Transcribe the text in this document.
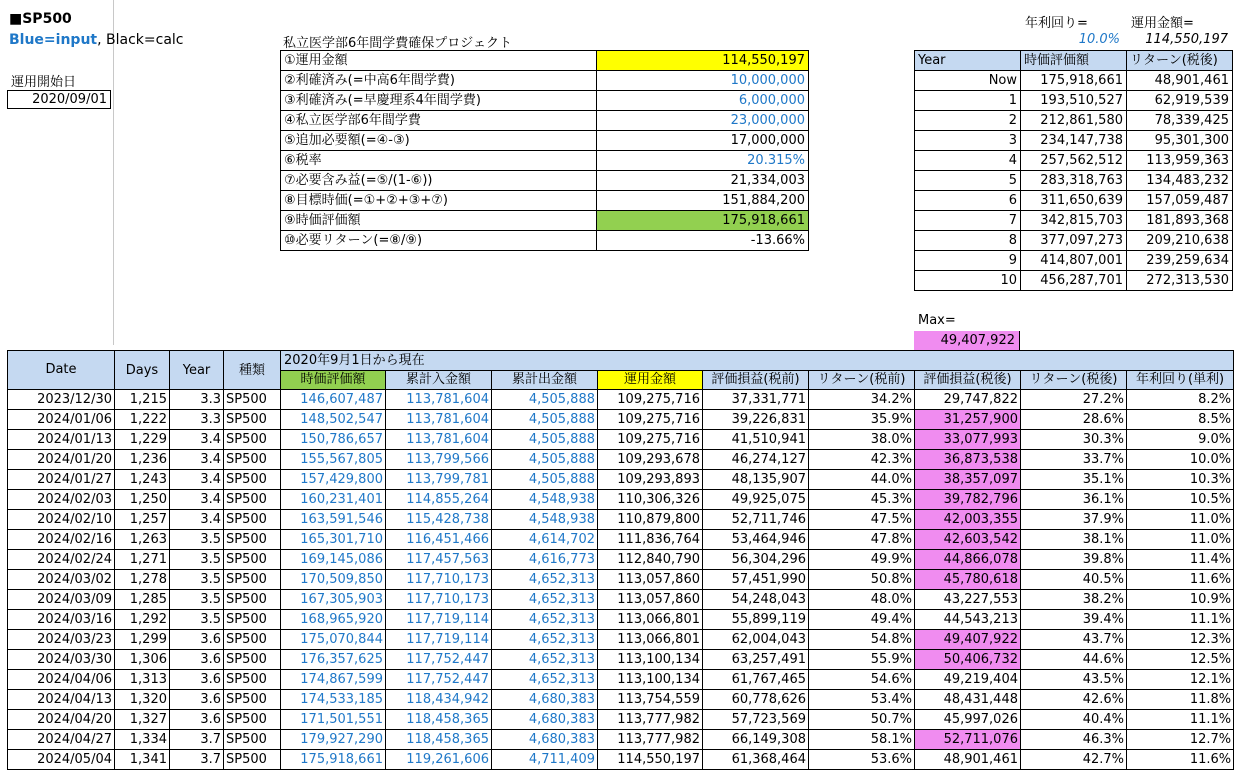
■SP500
Blue=input, Black=calc
運用開始日
2020/09/01
私立医学部6年間学費確保プロジェクト
①運用金額	114,550,197
②利確済み(=中高6年間学費)	10,000,000
③利確済み(=早慶理系4年間学費)	6,000,000
④私立医学部6年間学費	23,000,000
⑤追加必要額(=④-③)	17,000,000
⑥税率	20.315%
⑦必要含み益(=⑤/(1-⑥))	21,334,003
⑧目標時価(=①+②+③+⑦)	151,884,200
⑨時価評価額	175,918,661
⑩必要リターン(=⑧/⑨)	-13.66%
年利回り=	運用金額=
10.0%	114,550,197
Year	時価評価額	リターン(税後)
Now	175,918,661	48,901,461
1	193,510,527	62,919,539
2	212,861,580	78,339,425
3	234,147,738	95,301,300
4	257,562,512	113,959,363
5	283,318,763	134,483,232
6	311,650,639	157,059,487
7	342,815,703	181,893,368
8	377,097,273	209,210,638
9	414,807,001	239,259,634
10	456,287,701	272,313,530
Max=
49,407,922
Date	Days	Year	種類	2020年9月1日から現在								
				時価評価額	累計入金額	累計出金額	運用金額	評価損益(税前)	リターン(税前)	評価損益(税後)	リターン(税後)	年利回り(単利)
2023/12/30	1,215	3.3	SP500	146,607,487	113,781,604	4,505,888	109,275,716	37,331,771	34.2%	29,747,822	27.2%	8.2%
2024/01/06	1,222	3.3	SP500	148,502,547	113,781,604	4,505,888	109,275,716	39,226,831	35.9%	31,257,900	28.6%	8.5%
2024/01/13	1,229	3.4	SP500	150,786,657	113,781,604	4,505,888	109,275,716	41,510,941	38.0%	33,077,993	30.3%	9.0%
2024/01/20	1,236	3.4	SP500	155,567,805	113,799,566	4,505,888	109,293,678	46,274,127	42.3%	36,873,538	33.7%	10.0%
2024/01/27	1,243	3.4	SP500	157,429,800	113,799,781	4,505,888	109,293,893	48,135,907	44.0%	38,357,097	35.1%	10.3%
2024/02/03	1,250	3.4	SP500	160,231,401	114,855,264	4,548,938	110,306,326	49,925,075	45.3%	39,782,796	36.1%	10.5%
2024/02/10	1,257	3.4	SP500	163,591,546	115,428,738	4,548,938	110,879,800	52,711,746	47.5%	42,003,355	37.9%	11.0%
2024/02/16	1,263	3.5	SP500	165,301,710	116,451,466	4,614,702	111,836,764	53,464,946	47.8%	42,603,542	38.1%	11.0%
2024/02/24	1,271	3.5	SP500	169,145,086	117,457,563	4,616,773	112,840,790	56,304,296	49.9%	44,866,078	39.8%	11.4%
2024/03/02	1,278	3.5	SP500	170,509,850	117,710,173	4,652,313	113,057,860	57,451,990	50.8%	45,780,618	40.5%	11.6%
2024/03/09	1,285	3.5	SP500	167,305,903	117,710,173	4,652,313	113,057,860	54,248,043	48.0%	43,227,553	38.2%	10.9%
2024/03/16	1,292	3.5	SP500	168,965,920	117,719,114	4,652,313	113,066,801	55,899,119	49.4%	44,543,213	39.4%	11.1%
2024/03/23	1,299	3.6	SP500	175,070,844	117,719,114	4,652,313	113,066,801	62,004,043	54.8%	49,407,922	43.7%	12.3%
2024/03/30	1,306	3.6	SP500	176,357,625	117,752,447	4,652,313	113,100,134	63,257,491	55.9%	50,406,732	44.6%	12.5%
2024/04/06	1,313	3.6	SP500	174,867,599	117,752,447	4,652,313	113,100,134	61,767,465	54.6%	49,219,404	43.5%	12.1%
2024/04/13	1,320	3.6	SP500	174,533,185	118,434,942	4,680,383	113,754,559	60,778,626	53.4%	48,431,448	42.6%	11.8%
2024/04/20	1,327	3.6	SP500	171,501,551	118,458,365	4,680,383	113,777,982	57,723,569	50.7%	45,997,026	40.4%	11.1%
2024/04/27	1,334	3.7	SP500	179,927,290	118,458,365	4,680,383	113,777,982	66,149,308	58.1%	52,711,076	46.3%	12.7%
2024/05/04	1,341	3.7	SP500	175,918,661	119,261,606	4,711,409	114,550,197	61,368,464	53.6%	48,901,461	42.7%	11.6%
